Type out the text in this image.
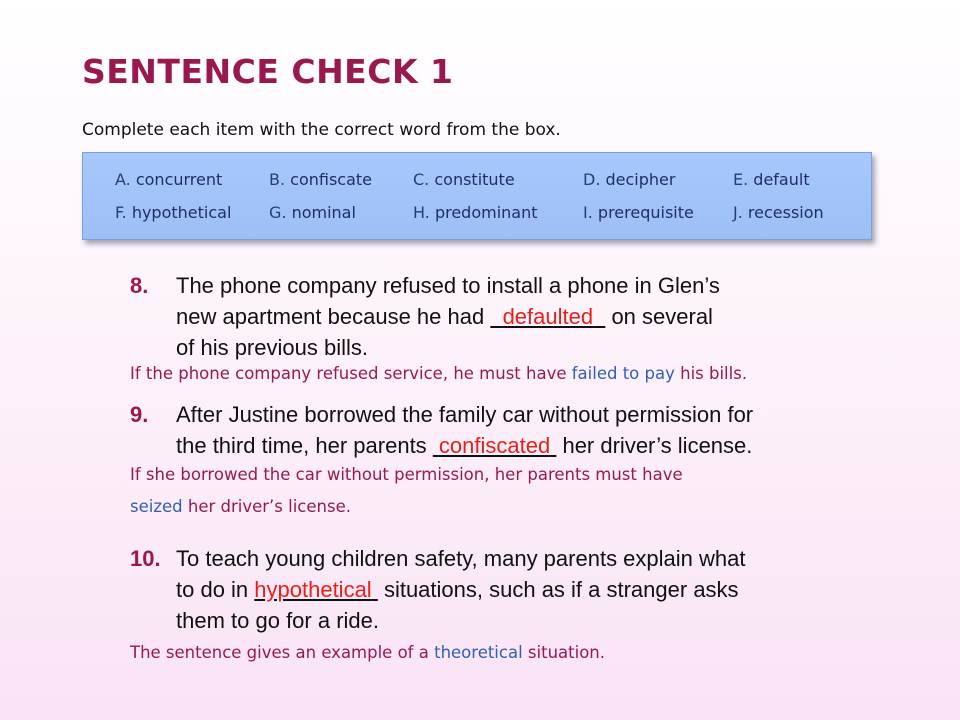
SENTENCE CHECK 1
Complete each item with the correct word from the box.
A. concurrent	B. confiscate	C. constitute	D. decipher	E. default
F. hypothetical G. nominal	H. predominant	I. prerequisite J. recession
8. The phone company refused to install a phone in Glen’s
new apartment because he had   defaulted   on several
of his previous bills.
If the phone company refused service, he must have failed to pay his bills.
9. After Justine borrowed the family car without permission for
the third time, her parents  confiscated  her driver’s license.
If she borrowed the car without permission, her parents must have
seized her driver’s license.
10. To teach young children safety, many parents explain what
to do in hypothetical  situations, such as if a stranger asks
them to go for a ride.
The sentence gives an example of a theoretical situation.
